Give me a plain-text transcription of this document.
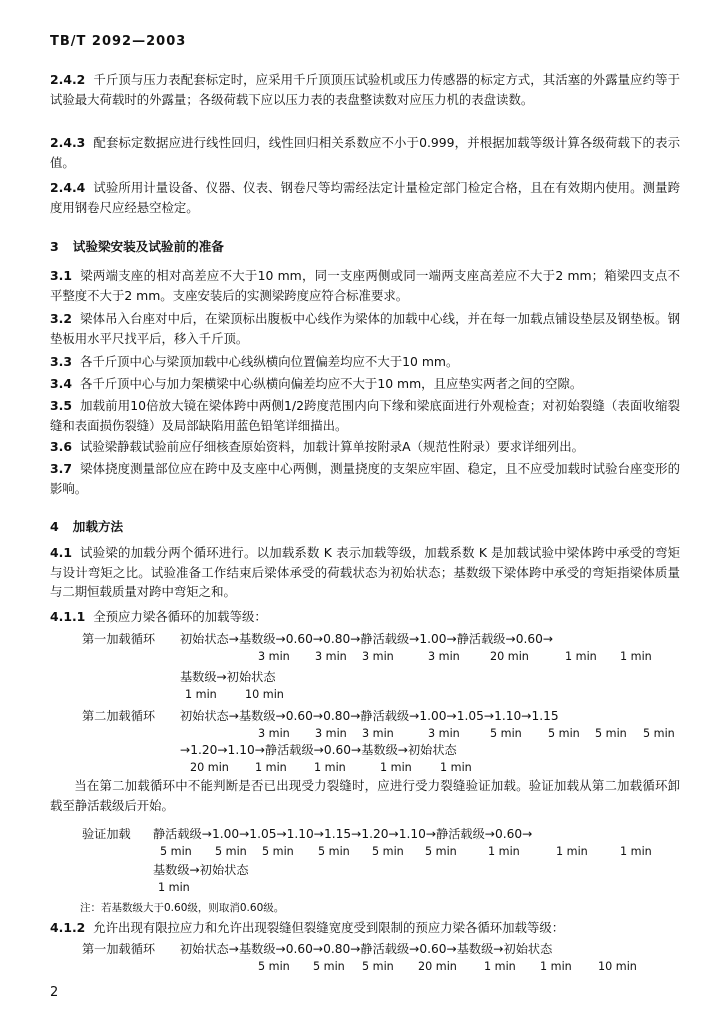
TB/T 2092—2003
2.4.2 千斤顶与压力表配套标定时，应采用千斤顶顶压试验机或压力传感器的标定方式，其活塞的外露量应约等于试验最大荷载时的外露量；各级荷载下应以压力表的表盘整读数对应压力机的表盘读数。
2.4.3 配套标定数据应进行线性回归，线性回归相关系数应不小于0.999，并根据加载等级计算各级荷载下的表示值。
2.4.4 试验所用计量设备、仪器、仪表、钢卷尺等均需经法定计量检定部门检定合格，且在有效期内使用。测量跨度用钢卷尺应经悬空检定。
3 试验梁安装及试验前的准备
3.1 梁两端支座的相对高差应不大于10 mm，同一支座两侧或同一端两支座高差应不大于2 mm；箱梁四支点不平整度不大于2 mm。支座安装后的实测梁跨度应符合标准要求。
3.2 梁体吊入台座对中后，在梁顶标出腹板中心线作为梁体的加载中心线，并在每一加载点铺设垫层及钢垫板。钢垫板用水平尺找平后，移入千斤顶。
3.3 各千斤顶中心与梁顶加载中心线纵横向位置偏差均应不大于10 mm。
3.4 各千斤顶中心与加力架横梁中心纵横向偏差均应不大于10 mm，且应垫实两者之间的空隙。
3.5 加载前用10倍放大镜在梁体跨中两侧1/2跨度范围内向下缘和梁底面进行外观检查；对初始裂缝（表面收缩裂缝和表面损伤裂缝）及局部缺陷用蓝色铅笔详细描出。
3.6 试验梁静载试验前应仔细核查原始资料，加载计算单按附录A（规范性附录）要求详细列出。
3.7 梁体挠度测量部位应在跨中及支座中心两侧，测量挠度的支架应牢固、稳定，且不应受加载时试验台座变形的影响。
4 加载方法
4.1 试验梁的加载分两个循环进行。以加载系数 K 表示加载等级，加载系数 K 是加载试验中梁体跨中承受的弯矩与设计弯矩之比。试验准备工作结束后梁体承受的荷载状态为初始状态；基数级下梁体跨中承受的弯矩指梁体质量与二期恒载质量对跨中弯矩之和。
4.1.1 全预应力梁各循环的加载等级：
第一加载循环 初始状态→基数级→0.60→0.80→静活载级→1.00→静活载级→0.60→
3 min 3 min 3 min	3 min	20 min	1 min 1 min
基数级→初始状态
1 min	10 min
第二加载循环 初始状态→基数级→0.60→0.80→静活载级→1.00→1.05→1.10→1.15
3 min 3 min 3 min	3 min	5 min 5 min 5 min 5 min
→1.20→1.10→静活载级→0.60→基数级→初始状态
20 min 1 min 1 min	1 min	1 min
当在第二加载循环中不能判断是否已出现受力裂缝时，应进行受力裂缝验证加载。验证加载从第二加载循环卸载至静活载级后开始。
验证加载 静活载级→1.00→1.05→1.10→1.15→1.20→1.10→静活载级→0.60→
5 min 5 min 5 min 5 min 5 min 5 min	1 min	1 min	1 min
基数级→初始状态
1 min
注：若基数级大于0.60级，则取消0.60级。
4.1.2 允许出现有限拉应力和允许出现裂缝但裂缝宽度受到限制的预应力梁各循环加载等级：
第一加载循环 初始状态→基数级→0.60→0.80→静活载级→0.60→基数级→初始状态
5 min 5 min 5 min 20 min 1 min 1 min 10 min
2
